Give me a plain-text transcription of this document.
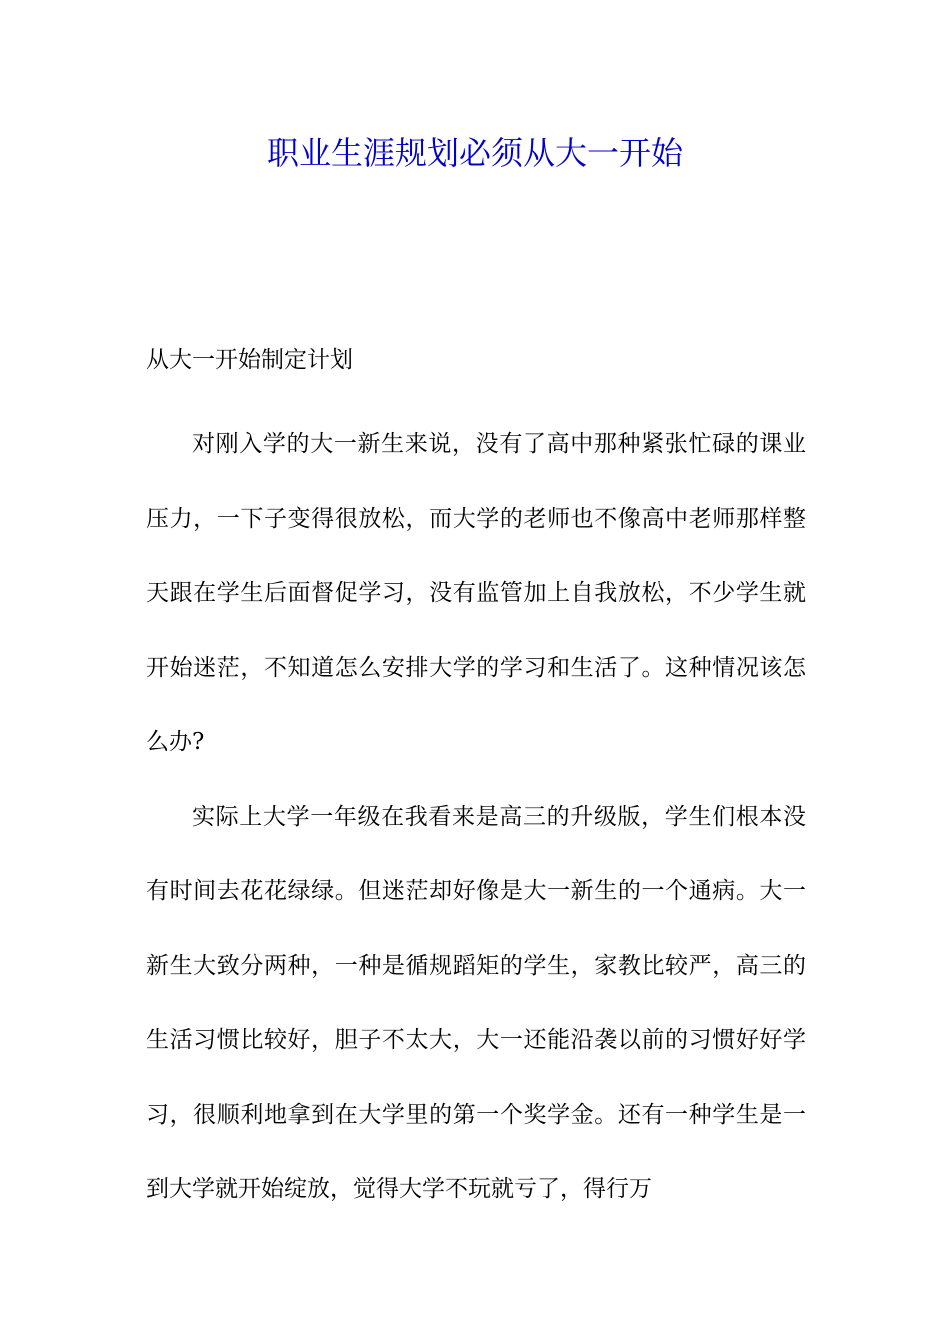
职业生涯规划必须从大一开始

从大一开始制定计划

对刚入学的大一新生来说，没有了高中那种紧张忙碌的课业压力，一下子变得很放松，而大学的老师也不像高中老师那样整天跟在学生后面督促学习，没有监管加上自我放松，不少学生就开始迷茫，不知道怎么安排大学的学习和生活了。这种情况该怎么办?

实际上大学一年级在我看来是高三的升级版，学生们根本没有时间去花花绿绿。但迷茫却好像是大一新生的一个通病。大一新生大致分两种，一种是循规蹈矩的学生，家教比较严，高三的生活习惯比较好，胆子不太大，大一还能沿袭以前的习惯好好学习，很顺利地拿到在大学里的第一个奖学金。还有一种学生是一到大学就开始绽放，觉得大学不玩就亏了，得行万
